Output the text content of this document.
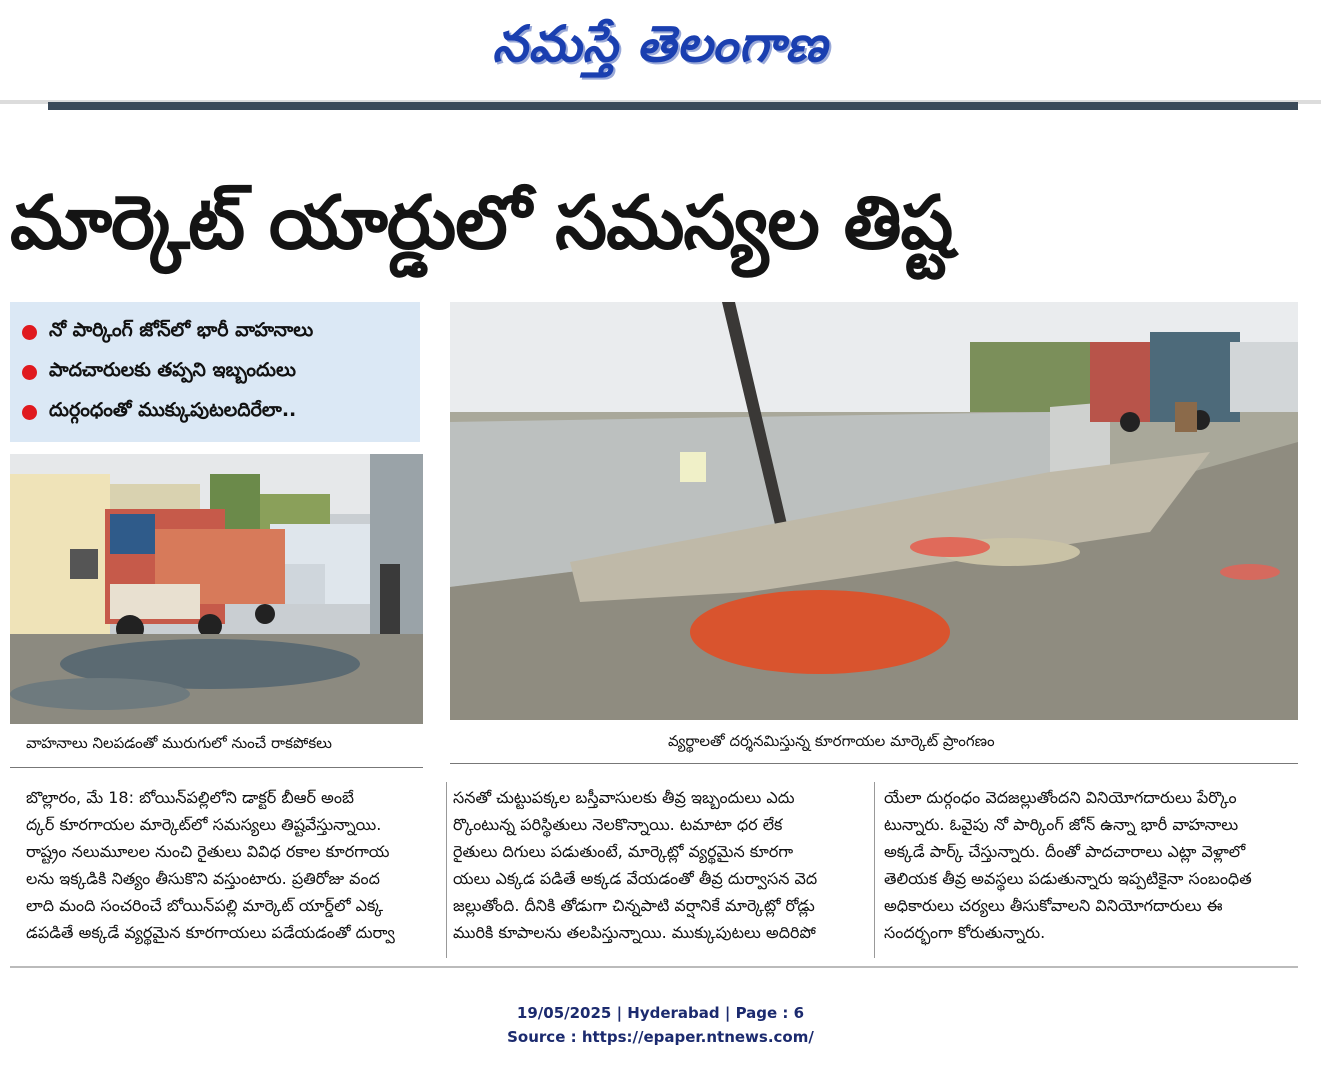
నమస్తే తెలంగాణ
మార్కెట్ యార్డులో సమస్యల తిష్ట
నో పార్కింగ్ జోన్‌లో భారీ వాహనాలు
పాదచారులకు తప్పని ఇబ్బందులు
దుర్గంధంతో ముక్కుపుటలదిరేలా..
వాహనాలు నిలపడంతో మురుగులో నుంచే రాకపోకలు	వ్యర్థాలతో దర్శనమిస్తున్న కూరగాయల మార్కెట్ ప్రాంగణం
బొల్లారం, మే 18: బోయిన్‌పల్లిలోని డాక్టర్ బీఆర్ అంబే
ద్కర్ కూరగాయల మార్కెట్‌లో సమస్యలు తిష్టవేస్తున్నాయి.
రాష్ట్రం నలుమూలల నుంచి రైతులు వివిధ రకాల కూరగాయ
లను ఇక్కడికి నిత్యం తీసుకొని వస్తుంటారు. ప్రతిరోజు వంద
లాది మంది సంచరించే బోయిన్‌పల్లి మార్కెట్ యార్డ్‌లో ఎక్క
డపడితే అక్కడే వ్యర్థమైన కూరగాయలు పడేయడంతో దుర్వా
సనతో చుట్టుపక్కల బస్తీవాసులకు తీవ్ర ఇబ్బందులు ఎదు
ర్కొంటున్న పరిస్థితులు నెలకొన్నాయి. టమాటా ధర లేక
రైతులు దిగులు పడుతుంటే, మార్కెట్లో వ్యర్థమైన కూరగా
యలు ఎక్కడ పడితే అక్కడ వేయడంతో తీవ్ర దుర్వాసన వెద
జల్లుతోంది. దీనికి తోడుగా చిన్నపాటి వర్షానికే మార్కెట్లో రోడ్లు
మురికి కూపాలను తలపిస్తున్నాయి. ముక్కుపుటలు అదిరిపో
యేలా దుర్గంధం వెదజల్లుతోందని వినియోగదారులు పేర్కొం
టున్నారు. ఓవైపు నో పార్కింగ్ జోన్ ఉన్నా భారీ వాహనాలు
అక్కడే పార్క్ చేస్తున్నారు. దీంతో పాదచారాలు ఎట్లా వెళ్లాలో
తెలియక తీవ్ర అవస్థలు పడుతున్నారు ఇప్పటికైనా సంబంధిత
అధికారులు చర్యలు తీసుకోవాలని వినియోగదారులు ఈ
సందర్భంగా కోరుతున్నారు.
19/05/2025 | Hyderabad | Page : 6
Source : https://epaper.ntnews.com/
